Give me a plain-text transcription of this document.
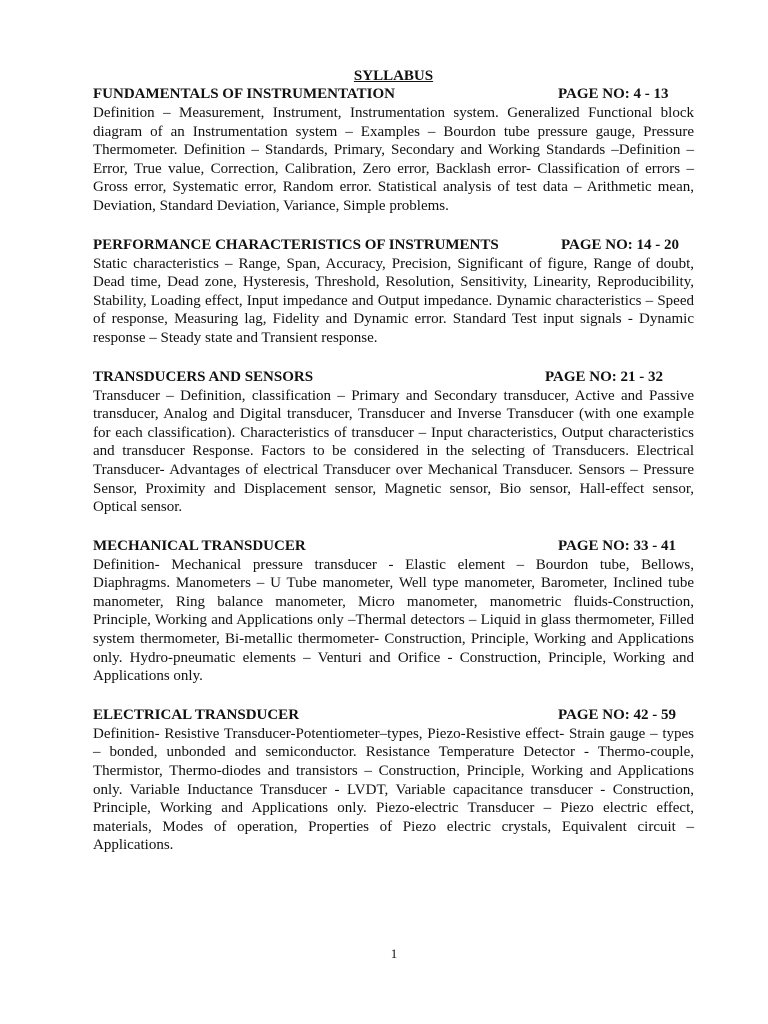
SYLLABUS
FUNDAMENTALS OF INSTRUMENTATION	PAGE NO: 4 - 13

Definition – Measurement, Instrument, Instrumentation system. Generalized Functional block diagram of an Instrumentation system – Examples – Bourdon tube pressure gauge, Pressure Thermometer. Definition – Standards, Primary, Secondary and Working Standards –Definition – Error, True value, Correction, Calibration, Zero error, Backlash error- Classification of errors – Gross error, Systematic error, Random error. Statistical analysis of test data – Arithmetic mean, Deviation, Standard Deviation, Variance, Simple problems.

PERFORMANCE CHARACTERISTICS OF INSTRUMENTS	PAGE NO: 14 - 20

Static characteristics – Range, Span, Accuracy, Precision, Significant of figure, Range of doubt, Dead time, Dead zone, Hysteresis, Threshold, Resolution, Sensitivity, Linearity, Reproducibility, Stability, Loading effect, Input impedance and Output impedance. Dynamic characteristics – Speed of response, Measuring lag, Fidelity and Dynamic error. Standard Test input signals - Dynamic response – Steady state and Transient response.

TRANSDUCERS AND SENSORS	PAGE NO: 21 - 32

Transducer – Definition, classification – Primary and Secondary transducer, Active and Passive transducer, Analog and Digital transducer, Transducer and Inverse Transducer (with one example for each classification). Characteristics of transducer – Input characteristics, Output characteristics and transducer Response. Factors to be considered in the selecting of Transducers. Electrical Transducer- Advantages of electrical Transducer over Mechanical Transducer. Sensors – Pressure Sensor, Proximity and Displacement sensor, Magnetic sensor, Bio sensor, Hall-effect sensor, Optical sensor.

MECHANICAL TRANSDUCER	PAGE NO: 33 - 41

Definition- Mechanical pressure transducer - Elastic element – Bourdon tube, Bellows, Diaphragms. Manometers – U Tube manometer, Well type manometer, Barometer, Inclined tube manometer, Ring balance manometer, Micro manometer, manometric fluids-Construction, Principle, Working and Applications only –Thermal detectors – Liquid in glass thermometer, Filled system thermometer, Bi-metallic thermometer- Construction, Principle, Working and Applications only. Hydro-pneumatic elements – Venturi and Orifice - Construction, Principle, Working and Applications only.

ELECTRICAL TRANSDUCER	PAGE NO: 42 - 59

Definition- Resistive Transducer-Potentiometer–types, Piezo-Resistive effect- Strain gauge – types – bonded, unbonded and semiconductor. Resistance Temperature Detector - Thermo-couple, Thermistor, Thermo-diodes and transistors – Construction, Principle, Working and Applications only. Variable Inductance Transducer - LVDT, Variable capacitance transducer - Construction, Principle, Working and Applications only. Piezo-electric Transducer – Piezo electric effect, materials, Modes of operation, Properties of Piezo electric crystals, Equivalent circuit – Applications.

1
